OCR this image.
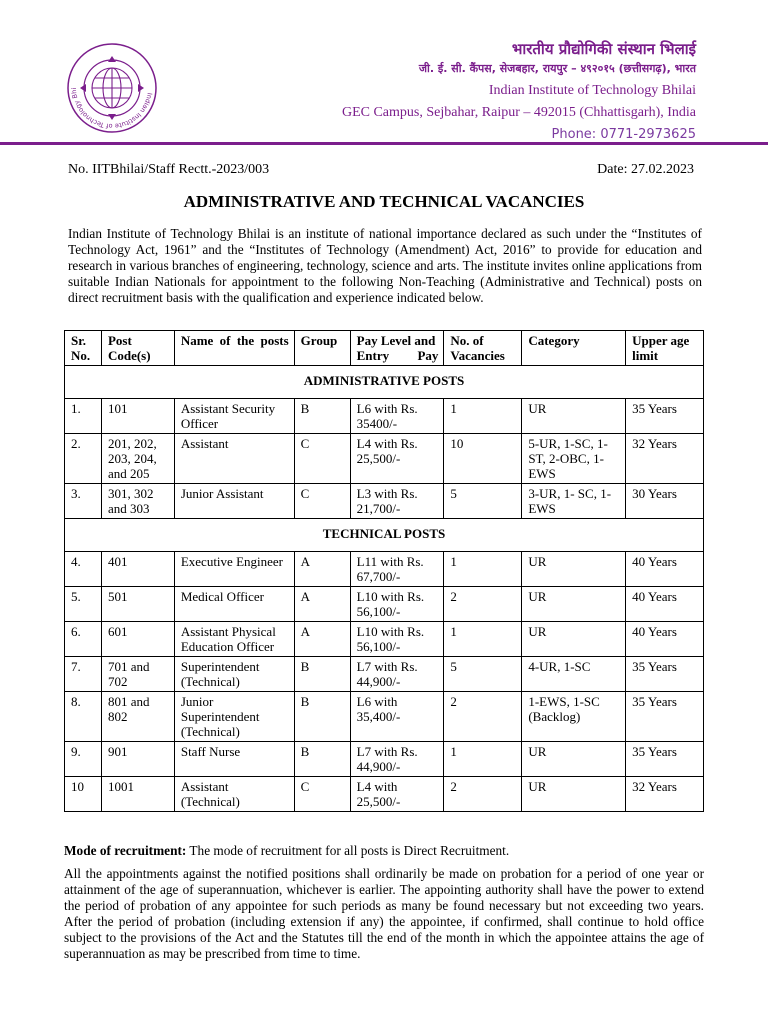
Indian Institute of Technology Bhi
भारतीय प्रौद्योगिकी संस्थान भिलाई
जी. ई. सी. कैंपस, सेजबहार, रायपुर – ४९२०१५ (छत्तीसगढ़), भारत
Indian Institute of Technology Bhilai
GEC Campus, Sejbahar, Raipur – 492015 (Chhattisgarh), India
Phone: 0771-2973625
No. IITBhilai/Staff Rectt.-2023/003	Date: 27.02.2023
ADMINISTRATIVE AND TECHNICAL VACANCIES
Indian Institute of Technology Bhilai is an institute of national importance declared as such under the “Institutes of Technology Act, 1961” and the “Institutes of Technology (Amendment) Act, 2016” to provide for education and research in various branches of engineering, technology, science and arts. The institute invites online applications from suitable Indian Nationals for appointment to the following Non-Teaching (Administrative and Technical) posts on direct recruitment basis with the qualification and experience indicated below.
Sr. No.	Post Code(s)	Name of the posts	Group	Pay Level and Entry Pay	No. of Vacancies	Category	Upper age limit
ADMINISTRATIVE POSTS							
1.	101	Assistant Security Officer	B	L6 with Rs. 35400/-	1	UR	35 Years
2.	201, 202, 203, 204, and 205	Assistant	C	L4 with Rs. 25,500/-	10	5-UR, 1-SC, 1-ST, 2-OBC, 1-EWS	32 Years
3.	301, 302 and 303	Junior Assistant	C	L3 with Rs. 21,700/-	5	3-UR, 1- SC, 1-EWS	30 Years
TECHNICAL POSTS							
4.	401	Executive Engineer	A	L11 with Rs. 67,700/-	1	UR	40 Years
5.	501	Medical Officer	A	L10 with Rs. 56,100/-	2	UR	40 Years
6.	601	Assistant Physical Education Officer	A	L10 with Rs. 56,100/-	1	UR	40 Years
7.	701 and 702	Superintendent (Technical)	B	L7 with Rs. 44,900/-	5	4-UR, 1-SC	35 Years
8.	801 and 802	Junior Superintendent (Technical)	B	L6 with 35,400/-	2	1-EWS, 1-SC (Backlog)	35 Years
9.	901	Staff Nurse	B	L7 with Rs. 44,900/-	1	UR	35 Years
10	1001	Assistant (Technical)	C	L4 with 25,500/-	2	UR	32 Years
Mode of recruitment: The mode of recruitment for all posts is Direct Recruitment.
All the appointments against the notified positions shall ordinarily be made on probation for a period of one year or attainment of the age of superannuation, whichever is earlier. The appointing authority shall have the power to extend the period of probation of any appointee for such periods as many be found necessary but not exceeding two years. After the period of probation (including extension if any) the appointee, if confirmed, shall continue to hold office subject to the provisions of the Act and the Statutes till the end of the month in which the appointee attains the age of superannuation as may be prescribed from time to time.
